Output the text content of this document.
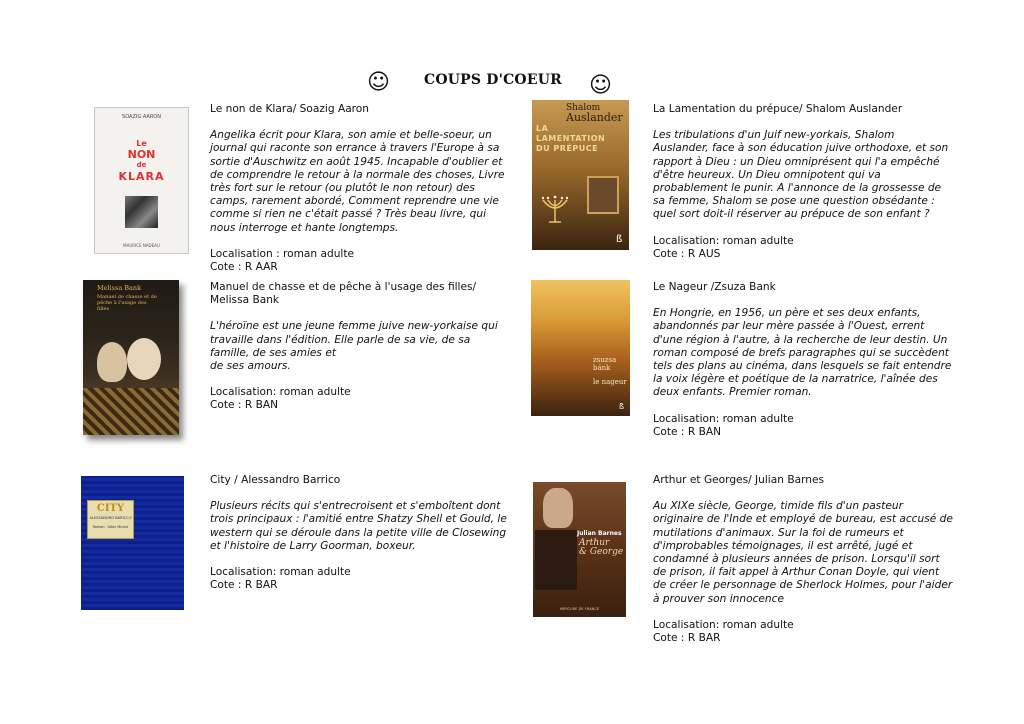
☺ COUPS D'COEUR ☺
SOAZIG AARON
Le
NON
de
KLARA
MAURICE NADEAU
Le non de Klara/ Soazig Aaron
Angelika écrit pour Klara, son amie et belle-soeur, un journal qui raconte son errance à travers l'Europe à sa sortie d'Auschwitz en août 1945. Incapable d'oublier et de comprendre le retour à la normale des choses, Livre très fort sur le retour (ou plutôt le non retour) des camps, rarement abordé, Comment reprendre une vie comme si rien ne c'était passé ? Très beau livre, qui nous interroge et hante longtemps.

Localisation : roman adulte

Cote : R AAR

Shalom
Auslander
LA
LAMENTATION
DU PRÉPUCE
ß
La Lamentation du prépuce/ Shalom Auslander
Les tribulations d'un Juif new-yorkais, Shalom Auslander, face à son éducation juive orthodoxe, et son rapport à Dieu : un Dieu omniprésent qui l'a empêché d'être heureux. Un Dieu omnipotent qui va probablement le punir. A l'annonce de la grossesse de sa femme, Shalom se pose une question obsédante : quel sort doit-il réserver au prépuce de son enfant ?

Localisation: roman adulte

Cote : R AUS

Melissa Bank
Manuel de chasse et de pêche à l'usage des filles
Manuel de chasse et de pêche à l'usage des filles/ Melissa Bank
L'héroïne est une jeune femme juive new-yorkaise qui travaille dans l'édition. Elle parle de sa vie, de sa famille, de ses amies et
de ses amours.

Localisation: roman adulte

Cote : R BAN

zsuzsa
bánk
le nageur
ß
Le Nageur /Zsuza Bank
En Hongrie, en 1956, un père et ses deux enfants, abandonnés par leur mère passée à l'Ouest, errent d'une région à l'autre, à la recherche de leur destin. Un roman composé de brefs paragraphes qui se succèdent tels des plans au cinéma, dans lesquels se fait entendre la voix légère et poétique de la narratrice, l'aînée des deux enfants. Premier roman.

Localisation: roman adulte

Cote : R BAN

CITY
ALESSANDRO BARICCO
Roman · Albin Michel
City / Alessandro Barrico
Plusieurs récits qui s'entrecroisent et s'emboîtent dont trois principaux : l'amitié entre Shatzy Shell et Gould, le western qui se déroule dans la petite ville de Closewing et l'histoire de Larry Goorman, boxeur.

Localisation: roman adulte

Cote : R BAR

Julian Barnes
Arthur
& George
MERCURE DE FRANCE
Arthur et Georges/ Julian Barnes
Au XIXe siècle, George, timide fils d'un pasteur originaire de l'Inde et employé de bureau, est accusé de mutilations d'animaux. Sur la foi de rumeurs et d'improbables témoignages, il est arrêté, jugé et condamné à plusieurs années de prison. Lorsqu'il sort de prison, il fait appel à Arthur Conan Doyle, qui vient de créer le personnage de Sherlock Holmes, pour l'aider à prouver son innocence

Localisation: roman adulte

Cote : R BAR
